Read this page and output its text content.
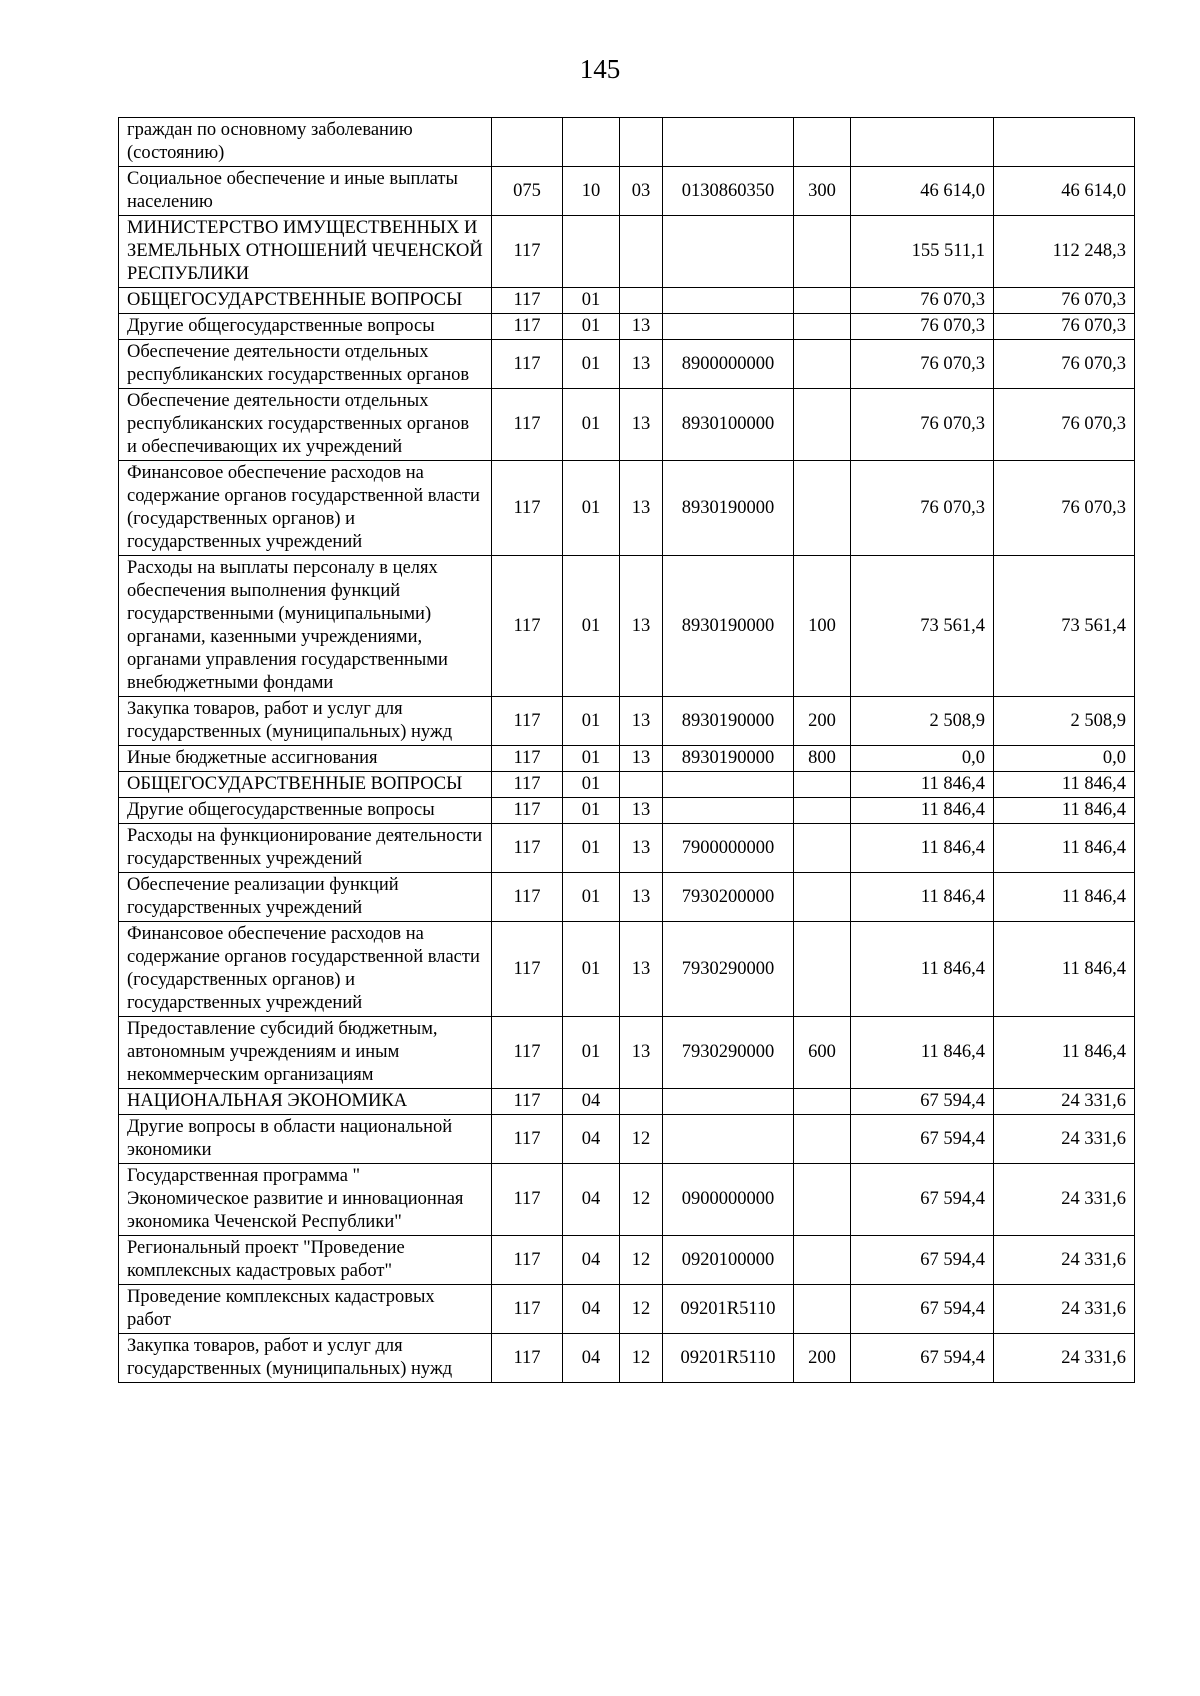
145
граждан по основному заболеванию (состоянию)							
Социальное обеспечение и иные выплаты населению	075	10	03	0130860350	300	46 614,0	46 614,0
МИНИСТЕРСТВО ИМУЩЕСТВЕННЫХ И ЗЕМЕЛЬНЫХ ОТНОШЕНИЙ ЧЕЧЕНСКОЙ РЕСПУБЛИКИ	117					155 511,1	112 248,3
ОБЩЕГОСУДАРСТВЕННЫЕ ВОПРОСЫ	117	01				76 070,3	76 070,3
Другие общегосударственные вопросы	117	01	13			76 070,3	76 070,3
Обеспечение деятельности отдельных республиканских государственных органов	117	01	13	8900000000		76 070,3	76 070,3
Обеспечение деятельности отдельных республиканских государственных органов и обеспечивающих их учреждений	117	01	13	8930100000		76 070,3	76 070,3
Финансовое обеспечение расходов на содержание органов государственной власти (государственных органов) и государственных учреждений	117	01	13	8930190000		76 070,3	76 070,3
Расходы на выплаты персоналу в целях обеспечения выполнения функций государственными (муниципальными) органами, казенными учреждениями, органами управления государственными внебюджетными фондами	117	01	13	8930190000	100	73 561,4	73 561,4
Закупка товаров, работ и услуг для государственных (муниципальных) нужд	117	01	13	8930190000	200	2 508,9	2 508,9
Иные бюджетные ассигнования	117	01	13	8930190000	800	0,0	0,0
ОБЩЕГОСУДАРСТВЕННЫЕ ВОПРОСЫ	117	01				11 846,4	11 846,4
Другие общегосударственные вопросы	117	01	13			11 846,4	11 846,4
Расходы на функционирование деятельности государственных учреждений	117	01	13	7900000000		11 846,4	11 846,4
Обеспечение реализации функций государственных учреждений	117	01	13	7930200000		11 846,4	11 846,4
Финансовое обеспечение расходов на содержание органов государственной власти (государственных органов) и государственных учреждений	117	01	13	7930290000		11 846,4	11 846,4
Предоставление субсидий бюджетным, автономным учреждениям и иным некоммерческим организациям	117	01	13	7930290000	600	11 846,4	11 846,4
НАЦИОНАЛЬНАЯ ЭКОНОМИКА	117	04				67 594,4	24 331,6
Другие вопросы в области национальной экономики	117	04	12			67 594,4	24 331,6
Государственная программа " Экономическое развитие и инновационная экономика Чеченской Республики"	117	04	12	0900000000		67 594,4	24 331,6
Региональный проект "Проведение комплексных кадастровых работ"	117	04	12	0920100000		67 594,4	24 331,6
Проведение комплексных кадастровых работ	117	04	12	09201R5110		67 594,4	24 331,6
Закупка товаров, работ и услуг для государственных (муниципальных) нужд	117	04	12	09201R5110	200	67 594,4	24 331,6
